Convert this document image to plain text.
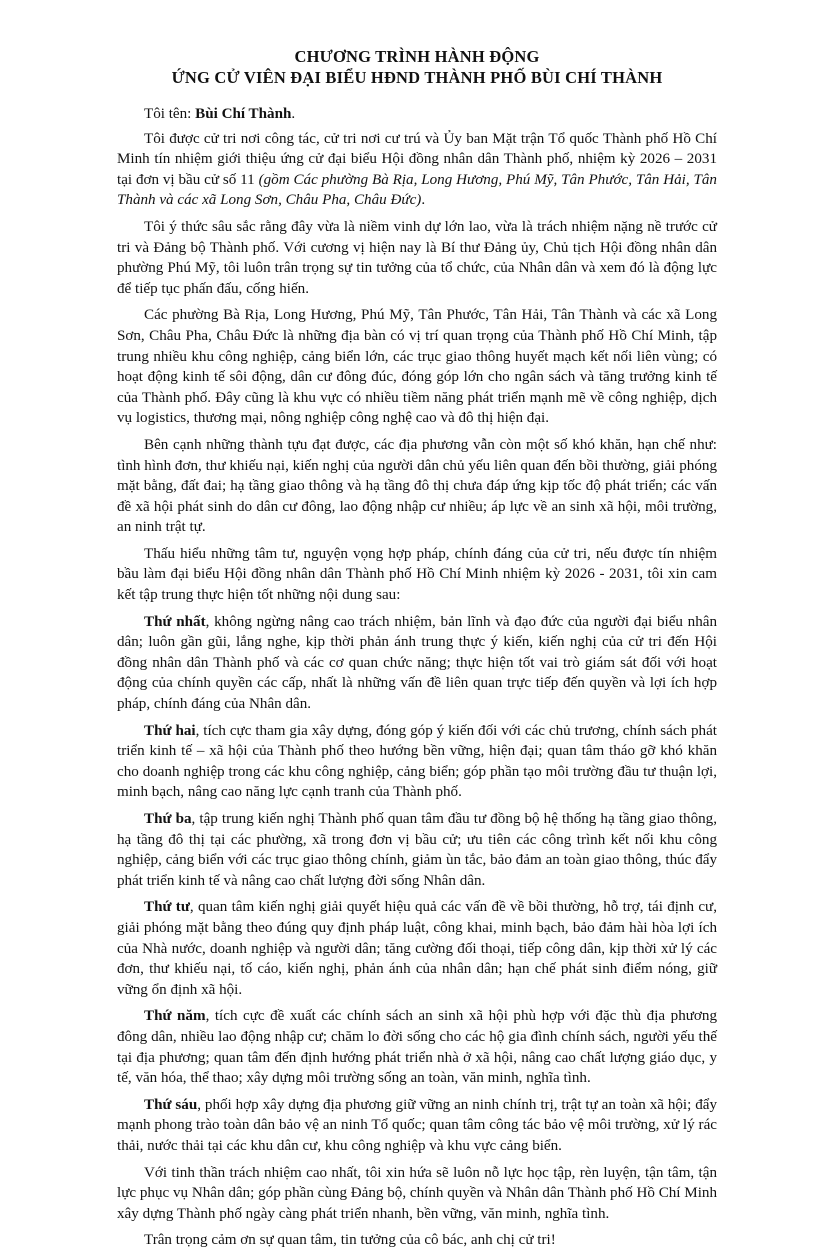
CHƯƠNG TRÌNH HÀNH ĐỘNG
ỨNG CỬ VIÊN ĐẠI BIỂU HĐND THÀNH PHỐ BÙI CHÍ THÀNH

Tôi tên: Bùi Chí Thành.

Tôi được cử tri nơi công tác, cử tri nơi cư trú và Ủy ban Mặt trận Tổ quốc Thành phố Hồ Chí Minh tín nhiệm giới thiệu ứng cử đại biểu Hội đồng nhân dân Thành phố, nhiệm kỳ 2026 – 2031 tại đơn vị bầu cử số 11 (gồm Các phường Bà Rịa, Long Hương, Phú Mỹ, Tân Phước, Tân Hải, Tân Thành và các xã Long Sơn, Châu Pha, Châu Đức).

Tôi ý thức sâu sắc rằng đây vừa là niềm vinh dự lớn lao, vừa là trách nhiệm nặng nề trước cử tri và Đảng bộ Thành phố. Với cương vị hiện nay là Bí thư Đảng ủy, Chủ tịch Hội đồng nhân dân phường Phú Mỹ, tôi luôn trân trọng sự tin tưởng của tổ chức, của Nhân dân và xem đó là động lực để tiếp tục phấn đấu, cống hiến.

Các phường Bà Rịa, Long Hương, Phú Mỹ, Tân Phước, Tân Hải, Tân Thành và các xã Long Sơn, Châu Pha, Châu Đức là những địa bàn có vị trí quan trọng của Thành phố Hồ Chí Minh, tập trung nhiều khu công nghiệp, cảng biển lớn, các trục giao thông huyết mạch kết nối liên vùng; có hoạt động kinh tế sôi động, dân cư đông đúc, đóng góp lớn cho ngân sách và tăng trưởng kinh tế của Thành phố. Đây cũng là khu vực có nhiều tiềm năng phát triển mạnh mẽ về công nghiệp, dịch vụ logistics, thương mại, nông nghiệp công nghệ cao và đô thị hiện đại.

Bên cạnh những thành tựu đạt được, các địa phương vẫn còn một số khó khăn, hạn chế như: tình hình đơn, thư khiếu nại, kiến nghị của người dân chủ yếu liên quan đến bồi thường, giải phóng mặt bằng, đất đai; hạ tầng giao thông và hạ tầng đô thị chưa đáp ứng kịp tốc độ phát triển; các vấn đề xã hội phát sinh do dân cư đông, lao động nhập cư nhiều; áp lực về an sinh xã hội, môi trường, an ninh trật tự.

Thấu hiểu những tâm tư, nguyện vọng hợp pháp, chính đáng của cử tri, nếu được tín nhiệm bầu làm đại biểu Hội đồng nhân dân Thành phố Hồ Chí Minh nhiệm kỳ 2026 - 2031, tôi xin cam kết tập trung thực hiện tốt những nội dung sau:

Thứ nhất, không ngừng nâng cao trách nhiệm, bản lĩnh và đạo đức của người đại biểu nhân dân; luôn gần gũi, lắng nghe, kịp thời phản ánh trung thực ý kiến, kiến nghị của cử tri đến Hội đồng nhân dân Thành phố và các cơ quan chức năng; thực hiện tốt vai trò giám sát đối với hoạt động của chính quyền các cấp, nhất là những vấn đề liên quan trực tiếp đến quyền và lợi ích hợp pháp, chính đáng của Nhân dân.

Thứ hai, tích cực tham gia xây dựng, đóng góp ý kiến đối với các chủ trương, chính sách phát triển kinh tế – xã hội của Thành phố theo hướng bền vững, hiện đại; quan tâm tháo gỡ khó khăn cho doanh nghiệp trong các khu công nghiệp, cảng biển; góp phần tạo môi trường đầu tư thuận lợi, minh bạch, nâng cao năng lực cạnh tranh của Thành phố.

Thứ ba, tập trung kiến nghị Thành phố quan tâm đầu tư đồng bộ hệ thống hạ tầng giao thông, hạ tầng đô thị tại các phường, xã trong đơn vị bầu cử; ưu tiên các công trình kết nối khu công nghiệp, cảng biển với các trục giao thông chính, giảm ùn tắc, bảo đảm an toàn giao thông, thúc đẩy phát triển kinh tế và nâng cao chất lượng đời sống Nhân dân.

Thứ tư, quan tâm kiến nghị giải quyết hiệu quả các vấn đề về bồi thường, hỗ trợ, tái định cư, giải phóng mặt bằng theo đúng quy định pháp luật, công khai, minh bạch, bảo đảm hài hòa lợi ích của Nhà nước, doanh nghiệp và người dân; tăng cường đối thoại, tiếp công dân, kịp thời xử lý các đơn, thư khiếu nại, tố cáo, kiến nghị, phản ánh của nhân dân; hạn chế phát sinh điểm nóng, giữ vững ổn định xã hội.

Thứ năm, tích cực đề xuất các chính sách an sinh xã hội phù hợp với đặc thù địa phương đông dân, nhiều lao động nhập cư; chăm lo đời sống cho các hộ gia đình chính sách, người yếu thế tại địa phương; quan tâm đến định hướng phát triển nhà ở xã hội, nâng cao chất lượng giáo dục, y tế, văn hóa, thể thao; xây dựng môi trường sống an toàn, văn minh, nghĩa tình.

Thứ sáu, phối hợp xây dựng địa phương giữ vững an ninh chính trị, trật tự an toàn xã hội; đẩy mạnh phong trào toàn dân bảo vệ an ninh Tổ quốc; quan tâm công tác bảo vệ môi trường, xử lý rác thải, nước thải tại các khu dân cư, khu công nghiệp và khu vực cảng biển.

Với tinh thần trách nhiệm cao nhất, tôi xin hứa sẽ luôn nỗ lực học tập, rèn luyện, tận tâm, tận lực phục vụ Nhân dân; góp phần cùng Đảng bộ, chính quyền và Nhân dân Thành phố Hồ Chí Minh xây dựng Thành phố ngày càng phát triển nhanh, bền vững, văn minh, nghĩa tình.

Trân trọng cảm ơn sự quan tâm, tin tưởng của cô bác, anh chị cử tri!
